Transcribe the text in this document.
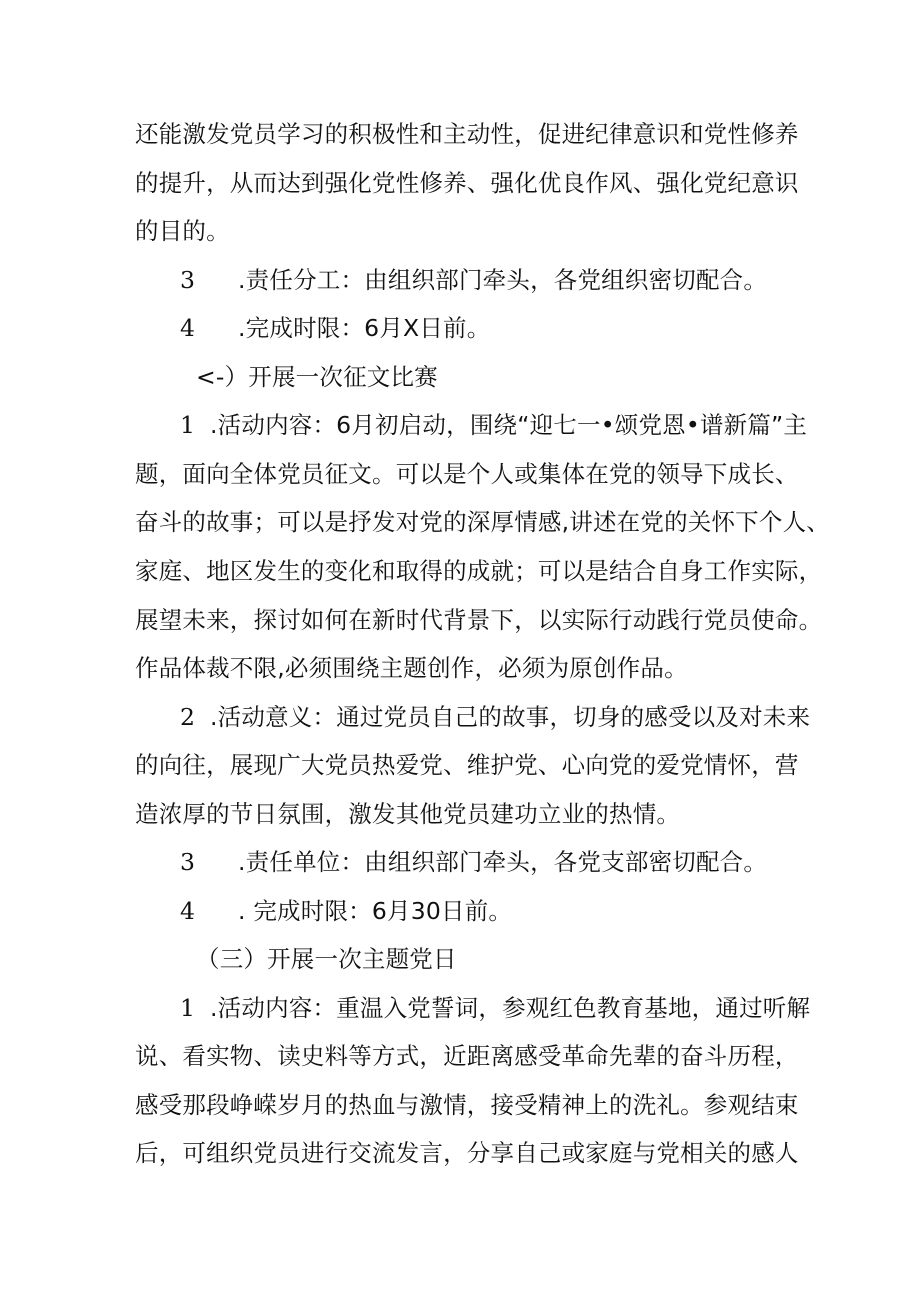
还能激发党员学习的积极性和主动性，促进纪律意识和党性修养
的提升，从而达到强化党性修养、强化优良作风、强化党纪意识
的目的。
3 .责任分工：由组织部门牵头，各党组织密切配合。
4 .完成时限：6月X日前。
<-）开展一次征文比赛
1 .活动内容：6月初启动，围绕“迎七一•颂党恩•谱新篇”主
题，面向全体党员征文。可以是个人或集体在党的领导下成长、
奋斗的故事；可以是抒发对党的深厚情感,讲述在党的关怀下个人、
家庭、地区发生的变化和取得的成就；可以是结合自身工作实际，
展望未来，探讨如何在新时代背景下，以实际行动践行党员使命。
作品体裁不限,必须围绕主题创作，必须为原创作品。
2 .活动意义：通过党员自己的故事，切身的感受以及对未来
的向往，展现广大党员热爱党、维护党、心向党的爱党情怀，营
造浓厚的节日氛围，激发其他党员建功立业的热情。
3 .责任单位：由组织部门牵头，各党支部密切配合。
4 . 完成时限：6月30日前。
（三）开展一次主题党日
1 .活动内容：重温入党誓词，参观红色教育基地，通过听解
说、看实物、读史料等方式，近距离感受革命先辈的奋斗历程，
感受那段峥嵘岁月的热血与激情，接受精神上的洗礼。参观结束
后，可组织党员进行交流发言，分享自己或家庭与党相关的感人
